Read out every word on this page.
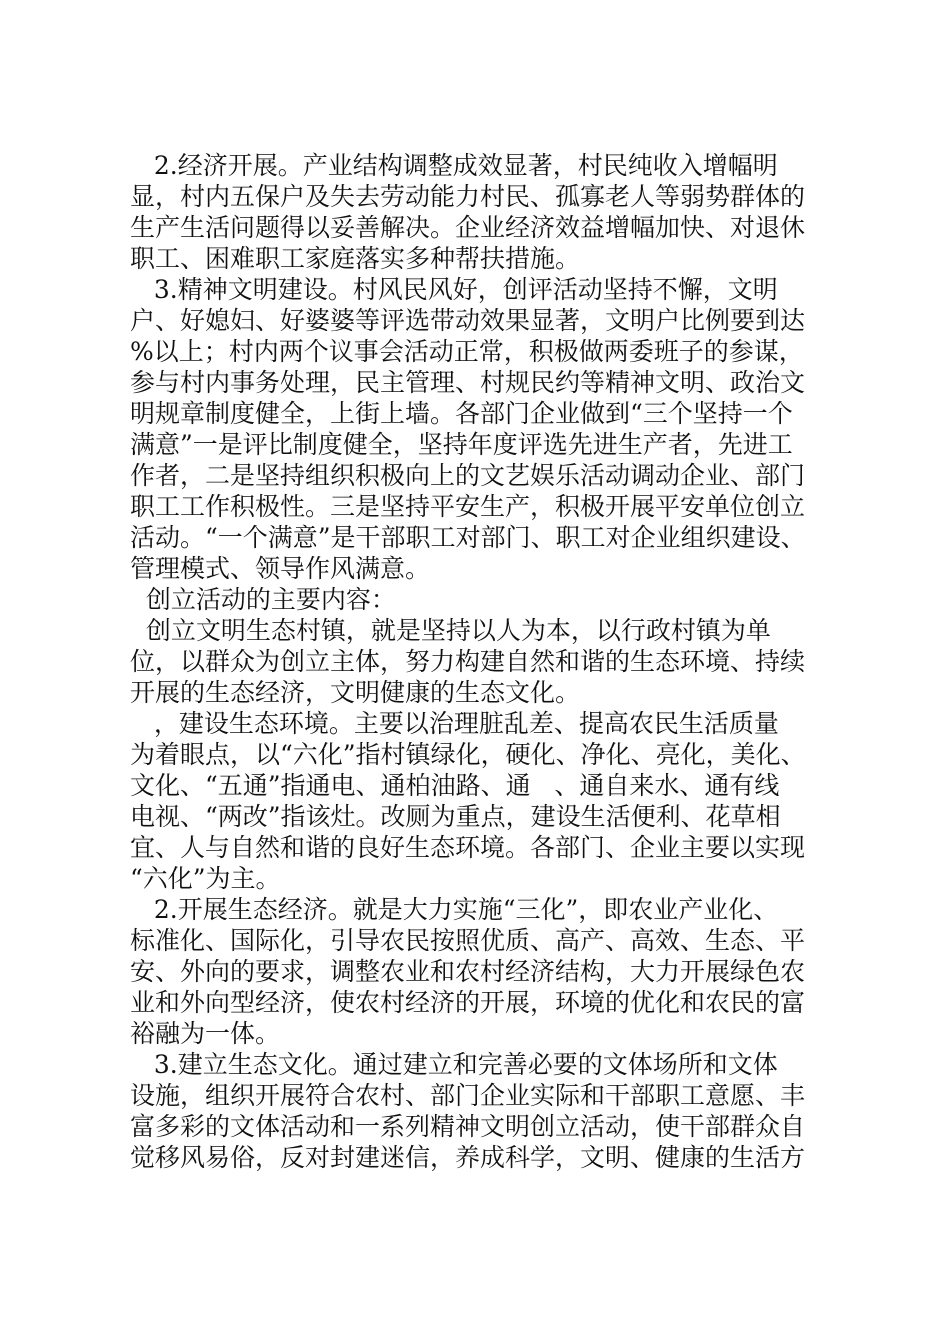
2.经济开展。产业结构调整成效显著，村民纯收入增幅明
显，村内五保户及失去劳动能力村民、孤寡老人等弱势群体的
生产生活问题得以妥善解决。企业经济效益增幅加快、对退休
职工、困难职工家庭落实多种帮扶措施。
3.精神文明建设。村风民风好，创评活动坚持不懈，文明
户、好媳妇、好婆婆等评选带动效果显著，文明户比例要到达
%以上；村内两个议事会活动正常，积极做两委班子的参谋，
参与村内事务处理，民主管理、村规民约等精神文明、政治文
明规章制度健全，上街上墙。各部门企业做到“三个坚持一个
满意”一是评比制度健全，坚持年度评选先进生产者，先进工
作者，二是坚持组织积极向上的文艺娱乐活动调动企业、部门
职工工作积极性。三是坚持平安生产，积极开展平安单位创立
活动。“一个满意”是干部职工对部门、职工对企业组织建设、
管理模式、领导作风满意。
创立活动的主要内容：
创立文明生态村镇，就是坚持以人为本，以行政村镇为单
位，以群众为创立主体，努力构建自然和谐的生态环境、持续
开展的生态经济，文明健康的生态文化。
，建设生态环境。主要以治理脏乱差、提高农民生活质量
为着眼点，以“六化”指村镇绿化，硬化、净化、亮化，美化、
文化、“五通”指通电、通柏油路、通   、通自来水、通有线
电视、“两改”指该灶。改厕为重点，建设生活便利、花草相
宜、人与自然和谐的良好生态环境。各部门、企业主要以实现
“六化”为主。
2.开展生态经济。就是大力实施“三化”，即农业产业化、
标准化、国际化，引导农民按照优质、高产、高效、生态、平
安、外向的要求，调整农业和农村经济结构，大力开展绿色农
业和外向型经济，使农村经济的开展，环境的优化和农民的富
裕融为一体。
3.建立生态文化。通过建立和完善必要的文体场所和文体
设施，组织开展符合农村、部门企业实际和干部职工意愿、丰
富多彩的文体活动和一系列精神文明创立活动，使干部群众自
觉移风易俗，反对封建迷信，养成科学，文明、健康的生活方
